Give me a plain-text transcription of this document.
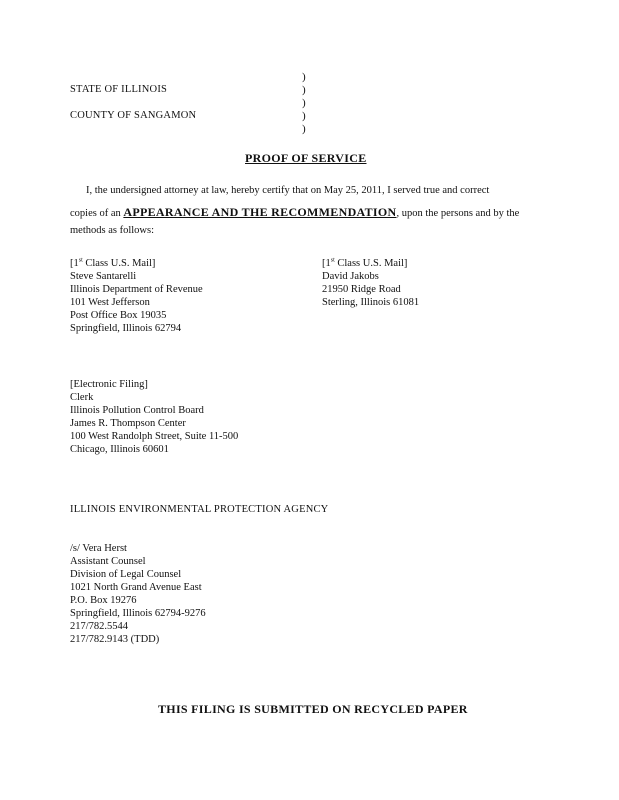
)
)
)
)
)
STATE OF ILLINOIS
COUNTY OF SANGAMON
PROOF OF SERVICE
I, the undersigned attorney at law, hereby certify that on May 25, 2011, I served true and correct
copies of an APPEARANCE AND THE RECOMMENDATION, upon the persons and by the
methods as follows:
[1st Class U.S. Mail]
Steve Santarelli
Illinois Department of Revenue
101 West Jefferson
Post Office Box 19035
Springfield, Illinois 62794
[1st Class U.S. Mail]
David Jakobs
21950 Ridge Road
Sterling, Illinois 61081
[Electronic Filing]
Clerk
Illinois Pollution Control Board
James R. Thompson Center
100 West Randolph Street, Suite 11-500
Chicago, Illinois 60601
ILLINOIS ENVIRONMENTAL PROTECTION AGENCY
/s/ Vera Herst
Assistant Counsel
Division of Legal Counsel
1021 North Grand Avenue East
P.O. Box 19276
Springfield, Illinois 62794-9276
217/782.5544
217/782.9143 (TDD)
THIS FILING IS SUBMITTED ON RECYCLED PAPER
